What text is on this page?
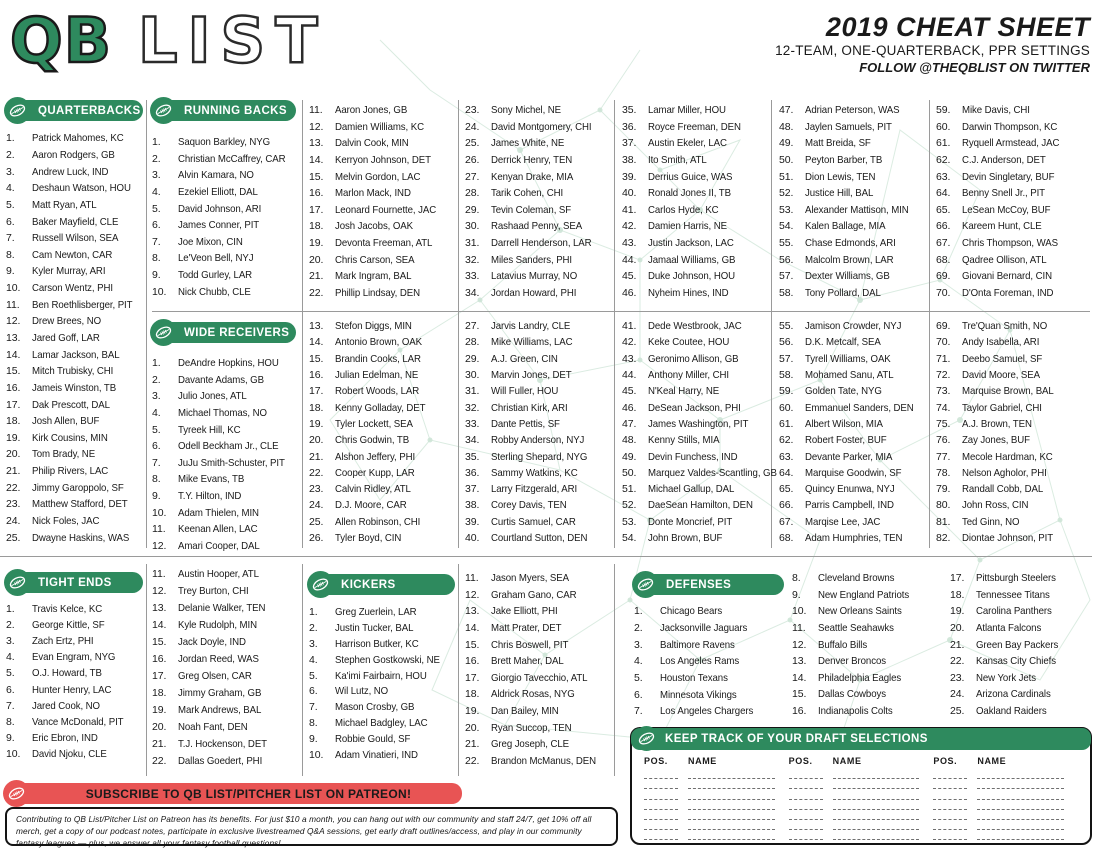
QB LIST	2019 CHEAT SHEET
12-TEAM, ONE-QUARTERBACK, PPR SETTINGS
FOLLOW @THEQBLIST ON TWITTER
QUARTERBACKS	RUNNING BACKS
WIDE RECEIVERS
TIGHT ENDS	KICKERS	DEFENSES
1.	Patrick Mahomes, KC
2.	Aaron Rodgers, GB
3.	Andrew Luck, IND
4.	Deshaun Watson, HOU
5.	Matt Ryan, ATL
6.	Baker Mayfield, CLE
7.	Russell Wilson, SEA
8.	Cam Newton, CAR
9.	Kyler Murray, ARI
10.	Carson Wentz, PHI
11.	Ben Roethlisberger, PIT
12.	Drew Brees, NO
13.	Jared Goff, LAR
14.	Lamar Jackson, BAL
15.	Mitch Trubisky, CHI
16.	Jameis Winston, TB
17.	Dak Prescott, DAL
18.	Josh Allen, BUF
19.	Kirk Cousins, MIN
20.	Tom Brady, NE
21.	Philip Rivers, LAC
22.	Jimmy Garoppolo, SF
23.	Matthew Stafford, DET
24.	Nick Foles, JAC
25.	Dwayne Haskins, WAS
1.	Saquon Barkley, NYG
2.	Christian McCaffrey, CAR
3.	Alvin Kamara, NO
4.	Ezekiel Elliott, DAL
5.	David Johnson, ARI
6.	James Conner, PIT
7.	Joe Mixon, CIN
8.	Le'Veon Bell, NYJ
9.	Todd Gurley, LAR
10.	Nick Chubb, CLE
11.	Aaron Jones, GB
12.	Damien Williams, KC
13.	Dalvin Cook, MIN
14.	Kerryon Johnson, DET
15.	Melvin Gordon, LAC
16.	Marlon Mack, IND
17.	Leonard Fournette, JAC
18.	Josh Jacobs, OAK
19.	Devonta Freeman, ATL
20.	Chris Carson, SEA
21.	Mark Ingram, BAL
22.	Phillip Lindsay, DEN
23.	Sony Michel, NE
24.	David Montgomery, CHI
25.	James White, NE
26.	Derrick Henry, TEN
27.	Kenyan Drake, MIA
28.	Tarik Cohen, CHI
29.	Tevin Coleman, SF
30.	Rashaad Penny, SEA
31.	Darrell Henderson, LAR
32.	Miles Sanders, PHI
33.	Latavius Murray, NO
34.	Jordan Howard, PHI
35.	Lamar Miller, HOU
36.	Royce Freeman, DEN
37.	Austin Ekeler, LAC
38.	Ito Smith, ATL
39.	Derrius Guice, WAS
40.	Ronald Jones II, TB
41.	Carlos Hyde, KC
42.	Damien Harris, NE
43.	Justin Jackson, LAC
44.	Jamaal Williams, GB
45.	Duke Johnson, HOU
46.	Nyheim Hines, IND
47.	Adrian Peterson, WAS
48.	Jaylen Samuels, PIT
49.	Matt Breida, SF
50.	Peyton Barber, TB
51.	Dion Lewis, TEN
52.	Justice Hill, BAL
53.	Alexander Mattison, MIN
54.	Kalen Ballage, MIA
55.	Chase Edmonds, ARI
56.	Malcolm Brown, LAR
57.	Dexter Williams, GB
58.	Tony Pollard, DAL
59.	Mike Davis, CHI
60.	Darwin Thompson, KC
61.	Ryquell Armstead, JAC
62.	C.J. Anderson, DET
63.	Devin Singletary, BUF
64.	Benny Snell Jr., PIT
65.	LeSean McCoy, BUF
66.	Kareem Hunt, CLE
67.	Chris Thompson, WAS
68.	Qadree Ollison, ATL
69.	Giovani Bernard, CIN
70.	D'Onta Foreman, IND
1.	DeAndre Hopkins, HOU
2.	Davante Adams, GB
3.	Julio Jones, ATL
4.	Michael Thomas, NO
5.	Tyreek Hill, KC
6.	Odell Beckham Jr., CLE
7.	JuJu Smith-Schuster, PIT
8.	Mike Evans, TB
9.	T.Y. Hilton, IND
10.	Adam Thielen, MIN
11.	Keenan Allen, LAC
12.	Amari Cooper, DAL
13.	Stefon Diggs, MIN
14.	Antonio Brown, OAK
15.	Brandin Cooks, LAR
16.	Julian Edelman, NE
17.	Robert Woods, LAR
18.	Kenny Golladay, DET
19.	Tyler Lockett, SEA
20.	Chris Godwin, TB
21.	Alshon Jeffery, PHI
22.	Cooper Kupp, LAR
23.	Calvin Ridley, ATL
24.	D.J. Moore, CAR
25.	Allen Robinson, CHI
26.	Tyler Boyd, CIN
27.	Jarvis Landry, CLE
28.	Mike Williams, LAC
29.	A.J. Green, CIN
30.	Marvin Jones, DET
31.	Will Fuller, HOU
32.	Christian Kirk, ARI
33.	Dante Pettis, SF
34.	Robby Anderson, NYJ
35.	Sterling Shepard, NYG
36.	Sammy Watkins, KC
37.	Larry Fitzgerald, ARI
38.	Corey Davis, TEN
39.	Curtis Samuel, CAR
40.	Courtland Sutton, DEN
41.	Dede Westbrook, JAC
42.	Keke Coutee, HOU
43.	Geronimo Allison, GB
44.	Anthony Miller, CHI
45.	N'Keal Harry, NE
46.	DeSean Jackson, PHI
47.	James Washington, PIT
48.	Kenny Stills, MIA
49.	Devin Funchess, IND
50.	Marquez Valdes-Scantling, GB
51.	Michael Gallup, DAL
52.	DaeSean Hamilton, DEN
53.	Donte Moncrief, PIT
54.	John Brown, BUF
55.	Jamison Crowder, NYJ
56.	D.K. Metcalf, SEA
57.	Tyrell Williams, OAK
58.	Mohamed Sanu, ATL
59.	Golden Tate, NYG
60.	Emmanuel Sanders, DEN
61.	Albert Wilson, MIA
62.	Robert Foster, BUF
63.	Devante Parker, MIA
64.	Marquise Goodwin, SF
65.	Quincy Enunwa, NYJ
66.	Parris Campbell, IND
67.	Marqise Lee, JAC
68.	Adam Humphries, TEN
69.	Tre'Quan Smith, NO
70.	Andy Isabella, ARI
71.	Deebo Samuel, SF
72.	David Moore, SEA
73.	Marquise Brown, BAL
74.	Taylor Gabriel, CHI
75.	A.J. Brown, TEN
76.	Zay Jones, BUF
77.	Mecole Hardman, KC
78.	Nelson Agholor, PHI
79.	Randall Cobb, DAL
80.	John Ross, CIN
81.	Ted Ginn, NO
82.	Diontae Johnson, PIT
1.	Travis Kelce, KC
2.	George Kittle, SF
3.	Zach Ertz, PHI
4.	Evan Engram, NYG
5.	O.J. Howard, TB
6.	Hunter Henry, LAC
7.	Jared Cook, NO
8.	Vance McDonald, PIT
9.	Eric Ebron, IND
10.	David Njoku, CLE
11.	Austin Hooper, ATL
12.	Trey Burton, CHI
13.	Delanie Walker, TEN
14.	Kyle Rudolph, MIN
15.	Jack Doyle, IND
16.	Jordan Reed, WAS
17.	Greg Olsen, CAR
18.	Jimmy Graham, GB
19.	Mark Andrews, BAL
20.	Noah Fant, DEN
21.	T.J. Hockenson, DET
22.	Dallas Goedert, PHI
1.	Greg Zuerlein, LAR
2.	Justin Tucker, BAL
3.	Harrison Butker, KC
4.	Stephen Gostkowski, NE
5.	Ka'imi Fairbairn, HOU
6.	Wil Lutz, NO
7.	Mason Crosby, GB
8.	Michael Badgley, LAC
9.	Robbie Gould, SF
10.	Adam Vinatieri, IND
11.	Jason Myers, SEA
12.	Graham Gano, CAR
13.	Jake Elliott, PHI
14.	Matt Prater, DET
15.	Chris Boswell, PIT
16.	Brett Maher, DAL
17.	Giorgio Tavecchio, ATL
18.	Aldrick Rosas, NYG
19.	Dan Bailey, MIN
20.	Ryan Succop, TEN
21.	Greg Joseph, CLE
22.	Brandon McManus, DEN
1.	Chicago Bears
2.	Jacksonville Jaguars
3.	Baltimore Ravens
4.	Los Angeles Rams
5.	Houston Texans
6.	Minnesota Vikings
7.	Los Angeles Chargers
8.	Cleveland Browns
9.	New England Patriots
10.	New Orleans Saints
11.	Seattle Seahawks
12.	Buffalo Bills
13.	Denver Broncos
14.	Philadelphia Eagles
15.	Dallas Cowboys
16.	Indianapolis Colts
17.	Pittsburgh Steelers
18.	Tennessee Titans
19.	Carolina Panthers
20.	Atlanta Falcons
21.	Green Bay Packers
22.	Kansas City Chiefs
23.	New York Jets
24.	Arizona Cardinals
25.	Oakland Raiders
SUBSCRIBE TO QB LIST/PITCHER LIST ON PATREON!
Contributing to QB List/Pitcher List on Patreon has its benefits. For just $10 a month, you can hang out with our community and staff 24/7, get 10% off all merch, get a copy of our podcast notes, participate in exclusive livestreamed Q&A sessions, get early draft outlines/access, and play in our community fantasy leagues — plus, we answer all your fantasy football questions!
KEEP TRACK OF YOUR DRAFT SELECTIONS
POS.	NAME	POS.	NAME	POS.	NAME
